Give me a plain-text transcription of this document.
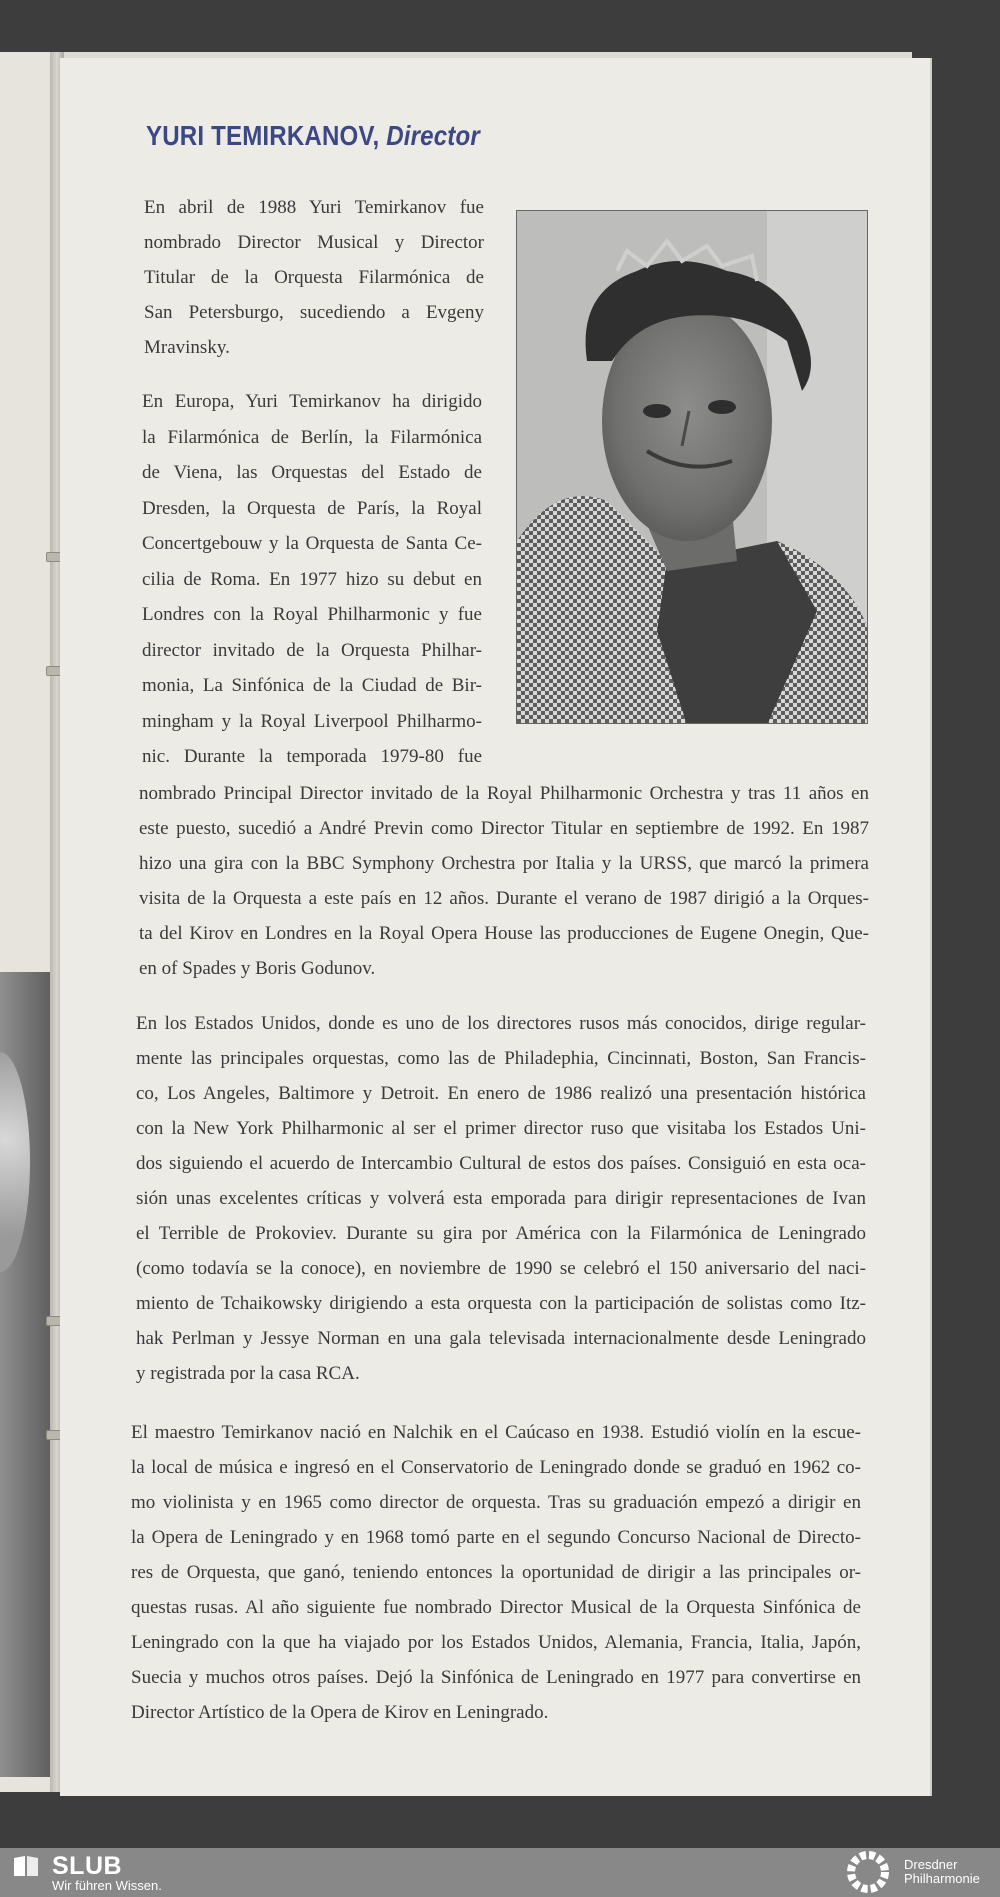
YURI TEMIRKANOV, Director
En abril de 1988 Yuri Temirkanov fue
nombrado Director Musical y Director
Titular de la Orquesta Filarmónica de
San Petersburgo, sucediendo a Evgeny
Mravinsky.
En Europa, Yuri Temirkanov ha dirigido
la Filarmónica de Berlín, la Filarmónica
de Viena, las Orquestas del Estado de
Dresden, la Orquesta de París, la Royal
Concertgebouw y la Orquesta de Santa Ce-
cilia de Roma. En 1977 hizo su debut en
Londres con la Royal Philharmonic y fue
director invitado de la Orquesta Philhar-
monia, La Sinfónica de la Ciudad de Bir-
mingham y la Royal Liverpool Philharmo-
nic. Durante la temporada 1979-80 fue
nombrado Principal Director invitado de la Royal Philharmonic Orchestra y tras 11 años en
este puesto, sucedió a André Previn como Director Titular en septiembre de 1992. En 1987
hizo una gira con la BBC Symphony Orchestra por Italia y la URSS, que marcó la primera
visita de la Orquesta a este país en 12 años. Durante el verano de 1987 dirigió a la Orques-
ta del Kirov en Londres en la Royal Opera House las producciones de Eugene Onegin, Que-
en of Spades y Boris Godunov.
En los Estados Unidos, donde es uno de los directores rusos más conocidos, dirige regular-
mente las principales orquestas, como las de Philadephia, Cincinnati, Boston, San Francis-
co, Los Angeles, Baltimore y Detroit. En enero de 1986 realizó una presentación histórica
con la New York Philharmonic al ser el primer director ruso que visitaba los Estados Uni-
dos siguiendo el acuerdo de Intercambio Cultural de estos dos países. Consiguió en esta oca-
sión unas excelentes críticas y volverá esta emporada para dirigir representaciones de Ivan
el Terrible de Prokoviev. Durante su gira por América con la Filarmónica de Leningrado
(como todavía se la conoce), en noviembre de 1990 se celebró el 150 aniversario del naci-
miento de Tchaikowsky dirigiendo a esta orquesta con la participación de solistas como Itz-
hak Perlman y Jessye Norman en una gala televisada internacionalmente desde Leningrado
y registrada por la casa RCA.
El maestro Temirkanov nació en Nalchik en el Caúcaso en 1938. Estudió violín en la escue-
la local de música e ingresó en el Conservatorio de Leningrado donde se graduó en 1962 co-
mo violinista y en 1965 como director de orquesta. Tras su graduación empezó a dirigir en
la Opera de Leningrado y en 1968 tomó parte en el segundo Concurso Nacional de Directo-
res de Orquesta, que ganó, teniendo entonces la oportunidad de dirigir a las principales or-
questas rusas. Al año siguiente fue nombrado Director Musical de la Orquesta Sinfónica de
Leningrado con la que ha viajado por los Estados Unidos, Alemania, Francia, Italia, Japón,
Suecia y muchos otros países. Dejó la Sinfónica de Leningrado en 1977 para convertirse en
Director Artístico de la Opera de Kirov en Leningrado.
SLUB
Wir führen Wissen.
Dresdner
Philharmonie
